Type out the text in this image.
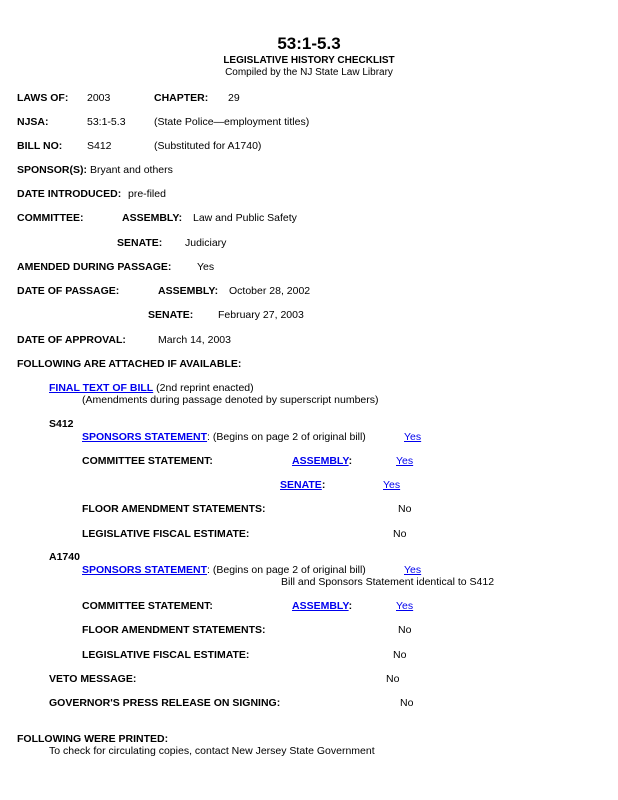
53:1-5.3
LEGISLATIVE HISTORY CHECKLIST
Compiled by the NJ State Law Library
LAWS OF: 2003	CHAPTER: 29
NJSA:	53:1-5.3	(State Police—employment titles)
BILL NO: S412	(Substituted for A1740)
SPONSOR(S): Bryant and others
DATE INTRODUCED: pre-filed
COMMITTEE:	ASSEMBLY: Law and Public Safety
SENATE: Judiciary
AMENDED DURING PASSAGE: Yes
DATE OF PASSAGE:	ASSEMBLY: October 28, 2002
SENATE: February 27, 2003
DATE OF APPROVAL:	March 14, 2003
FOLLOWING ARE ATTACHED IF AVAILABLE:
FINAL TEXT OF BILL (2nd reprint enacted)
(Amendments during passage denoted by superscript numbers)
S412
SPONSORS STATEMENT: (Begins on page 2 of original bill)	Yes
COMMITTEE STATEMENT:	ASSEMBLY:	Yes
SENATE:	Yes
FLOOR AMENDMENT STATEMENTS:	No
LEGISLATIVE FISCAL ESTIMATE:	No
A1740
SPONSORS STATEMENT: (Begins on page 2 of original bill)	Yes
Bill and Sponsors Statement identical to S412
COMMITTEE STATEMENT:	ASSEMBLY:	Yes
FLOOR AMENDMENT STATEMENTS:	No
LEGISLATIVE FISCAL ESTIMATE:	No
VETO MESSAGE:	No
GOVERNOR'S PRESS RELEASE ON SIGNING:	No
FOLLOWING WERE PRINTED:
To check for circulating copies, contact New Jersey State Government
